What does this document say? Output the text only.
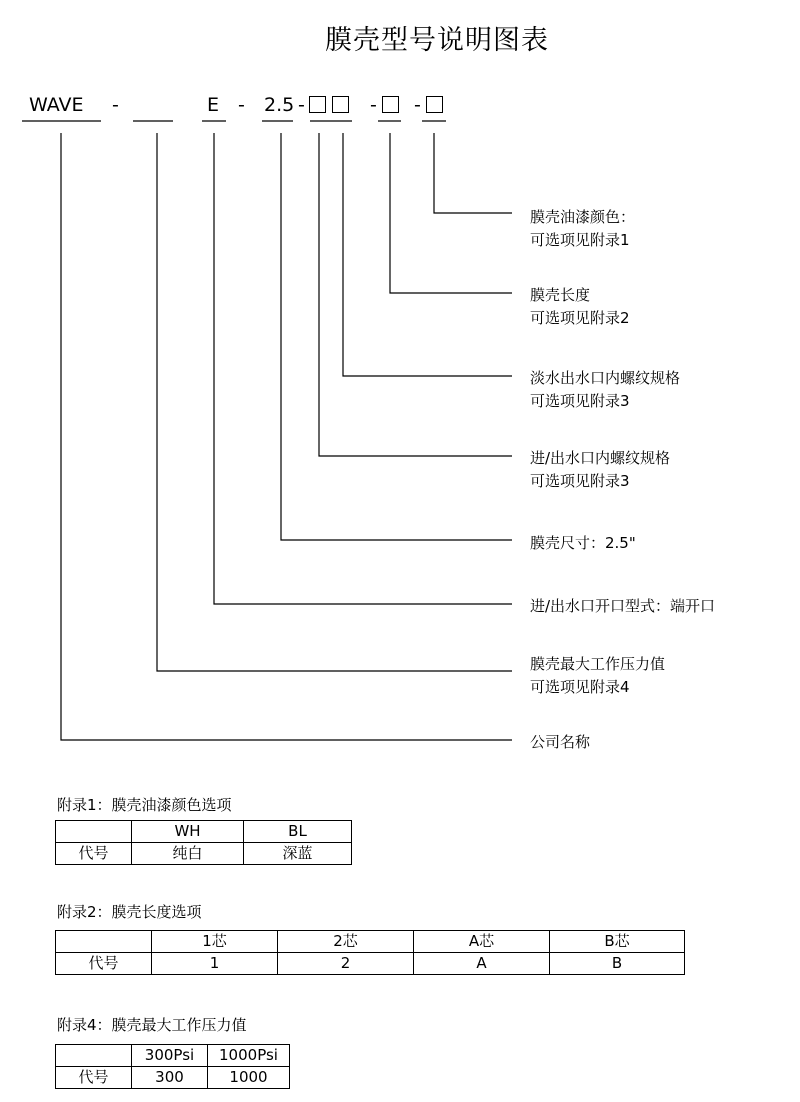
膜壳型号说明图表
WAVE -	E - 2.5 -	- -
膜壳油漆颜色：
可选项见附录1
膜壳长度
可选项见附录2
淡水出水口内螺纹规格
可选项见附录3
进/出水口内螺纹规格
可选项见附录3
膜壳尺寸：2.5"
进/出水口开口型式：端开口
膜壳最大工作压力值
可选项见附录4
公司名称
附录1：膜壳油漆颜色选项
	WH	BL
代号	纯白	深蓝
附录2：膜壳长度选项
	1芯	2芯	A芯	B芯
代号	1	2	A	B
附录4：膜壳最大工作压力值
	300Psi	1000Psi
代号	300	1000
